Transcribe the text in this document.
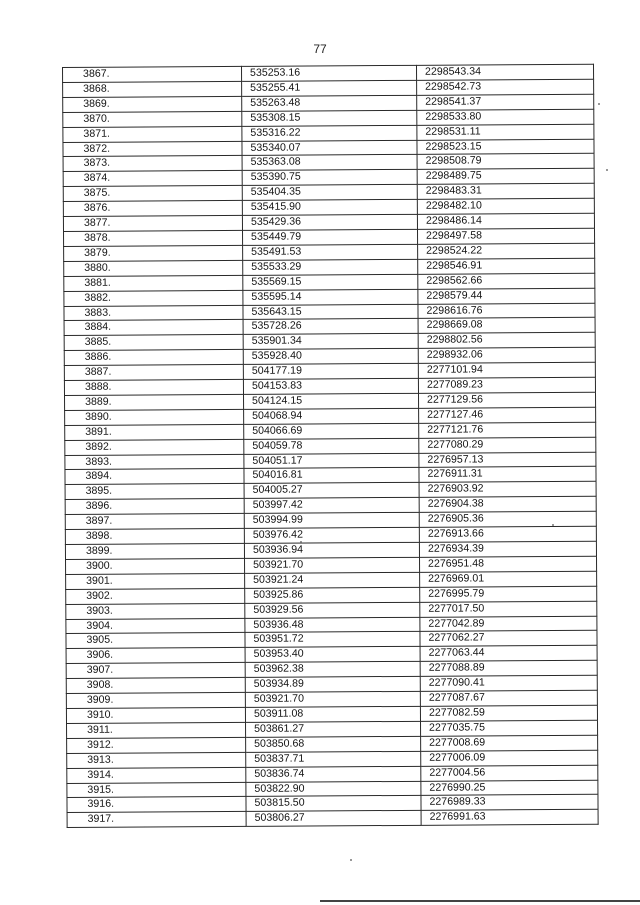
77
3867.	535253.16	2298543.34
3868.	535255.41	2298542.73
3869.	535263.48	2298541.37
3870.	535308.15	2298533.80
3871.	535316.22	2298531.11
3872.	535340.07	2298523.15
3873.	535363.08	2298508.79
3874.	535390.75	2298489.75
3875.	535404.35	2298483.31
3876.	535415.90	2298482.10
3877.	535429.36	2298486.14
3878.	535449.79	2298497.58
3879.	535491.53	2298524.22
3880.	535533.29	2298546.91
3881.	535569.15	2298562.66
3882.	535595.14	2298579.44
3883.	535643.15	2298616.76
3884.	535728.26	2298669.08
3885.	535901.34	2298802.56
3886.	535928.40	2298932.06
3887.	504177.19	2277101.94
3888.	504153.83	2277089.23
3889.	504124.15	2277129.56
3890.	504068.94	2277127.46
3891.	504066.69	2277121.76
3892.	504059.78	2277080.29
3893.	504051.17	2276957.13
3894.	504016.81	2276911.31
3895.	504005.27	2276903.92
3896.	503997.42	2276904.38
3897.	503994.99	2276905.36
3898.	503976.42	2276913.66
3899.	503936.94	2276934.39
3900.	503921.70	2276951.48
3901.	503921.24	2276969.01
3902.	503925.86	2276995.79
3903.	503929.56	2277017.50
3904.	503936.48	2277042.89
3905.	503951.72	2277062.27
3906.	503953.40	2277063.44
3907.	503962.38	2277088.89
3908.	503934.89	2277090.41
3909.	503921.70	2277087.67
3910.	503911.08	2277082.59
3911.	503861.27	2277035.75
3912.	503850.68	2277008.69
3913.	503837.71	2277006.09
3914.	503836.74	2277004.56
3915.	503822.90	2276990.25
3916.	503815.50	2276989.33
3917.	503806.27	2276991.63
